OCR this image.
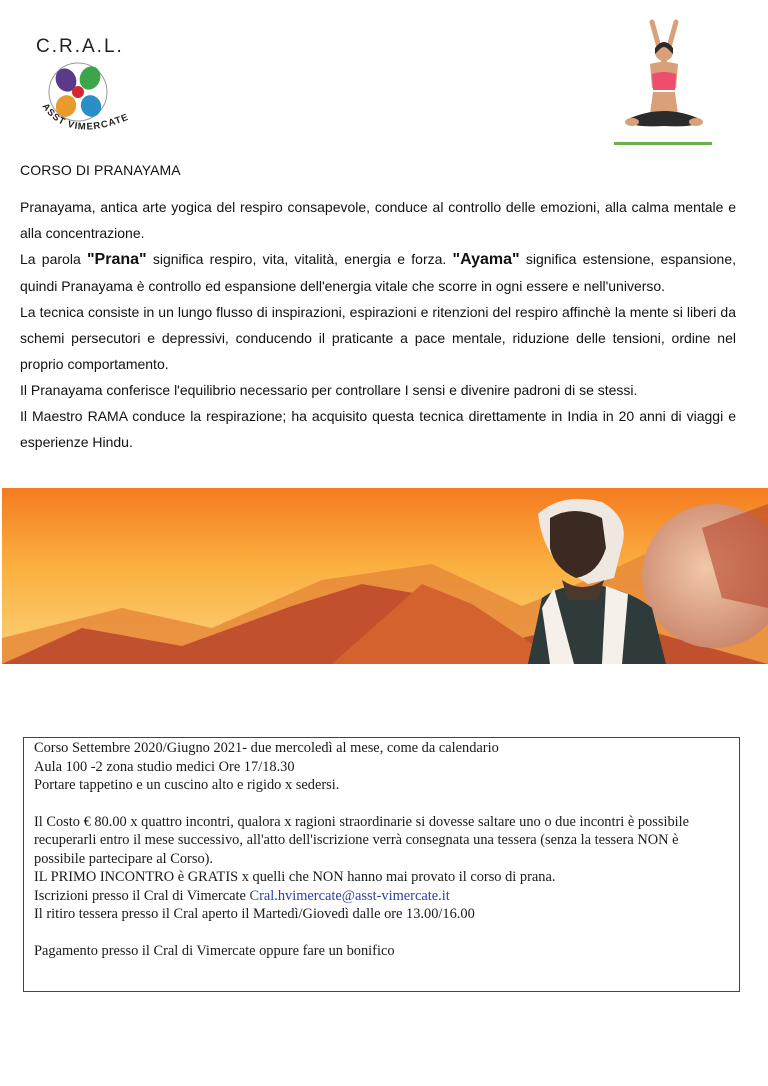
C.R.A.L.
ASST VIMERCATE
CORSO DI PRANAYAMA

Pranayama, antica arte yogica del respiro consapevole, conduce al controllo delle emozioni, alla calma mentale e alla concentrazione.

La parola "Prana" significa respiro, vita, vitalità, energia e forza. "Ayama" significa estensione, espansione, quindi Pranayama è controllo ed espansione dell'energia vitale che scorre in ogni essere e nell'universo.

La tecnica consiste in un lungo flusso di inspirazioni, espirazioni e ritenzioni del respiro affinchè la mente si liberi da schemi persecutori e depressivi, conducendo il praticante a pace mentale, riduzione delle tensioni, ordine nel proprio comportamento.

Il Pranayama conferisce l'equilibrio necessario per controllare I sensi e divenire padroni di se stessi.

Il Maestro RAMA conduce la respirazione; ha acquisito questa tecnica direttamente in India in 20 anni di viaggi e esperienze Hindu.

Corso Settembre 2020/Giugno 2021- due mercoledì al mese, come da calendario

Aula 100 -2 zona studio medici Ore 17/18.30

Portare tappetino e un cuscino alto e rigido x sedersi.

Il Costo € 80.00 x quattro incontri, qualora x ragioni straordinarie si dovesse saltare uno o due incontri è possibile recuperarli entro il mese successivo, all'atto dell'iscrizione verrà consegnata una tessera (senza la tessera NON è possibile partecipare al Corso).

IL PRIMO INCONTRO è GRATIS x quelli che NON hanno mai provato il corso di prana.

Iscrizioni presso il Cral di Vimercate Cral.hvimercate@asst-vimercate.it

Il ritiro tessera presso il Cral aperto il Martedì/Giovedì dalle ore 13.00/16.00

Pagamento presso il Cral di Vimercate oppure fare un bonifico
